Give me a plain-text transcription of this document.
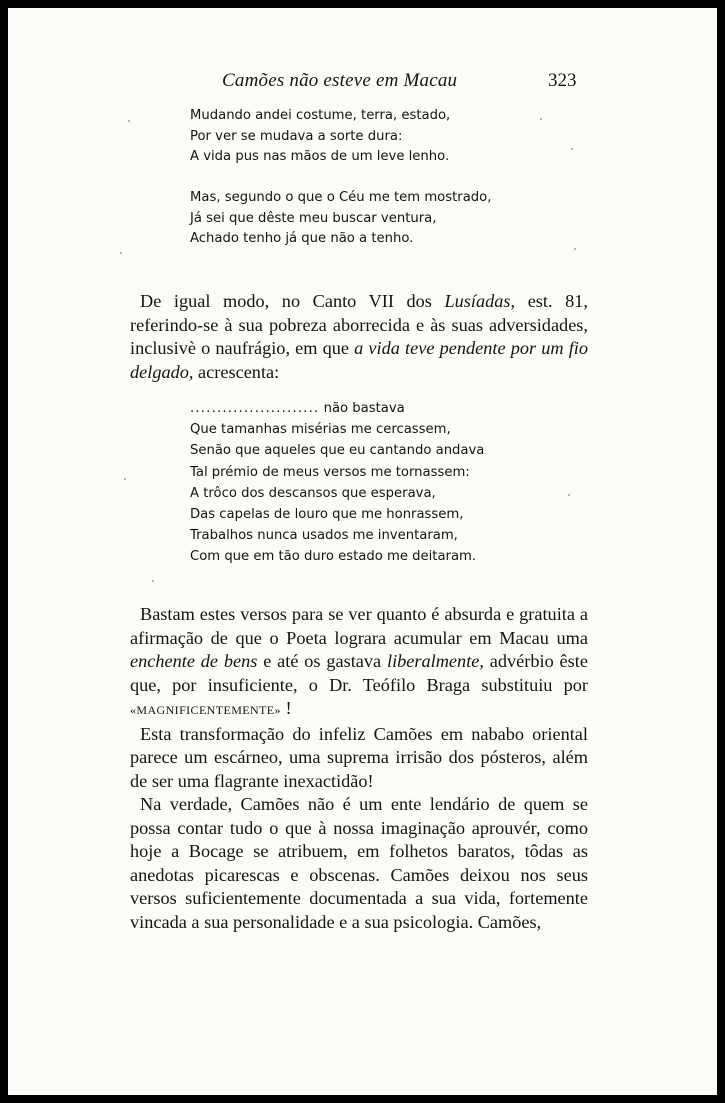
Camões não esteve em Macau	323
Mudando andei costume, terra, estado,
Por ver se mudava a sorte dura:
A vida pus nas mãos de um leve lenho.
Mas, segundo o que o Céu me tem mostrado,
Já sei que dêste meu buscar ventura,
Achado tenho já que não a tenho.

De igual modo, no Canto VII dos Lusíadas, est. 81, referindo-se à sua pobreza aborrecida e às suas adversidades, inclusivè o naufrágio, em que a vida teve pendente por um fio delgado, acrescenta:

........................ não bastava
Que tamanhas misérias me cercassem,
Senão que aqueles que eu cantando andava
Tal prémio de meus versos me tornassem:
A trôco dos descansos que esperava,
Das capelas de louro que me honrassem,
Trabalhos nunca usados me inventaram,
Com que em tão duro estado me deitaram.

Bastam estes versos para se ver quanto é absurda e gratuita a afirmação de que o Poeta lograra acumular em Macau uma enchente de bens e até os gastava liberalmente, advérbio êste que, por insuficiente, o Dr. Teófilo Braga substituiu por «MAGNIFICENTEMENTE» !

Esta transformação do infeliz Camões em nababo oriental parece um escárneo, uma suprema irrisão dos pósteros, além de ser uma flagrante inexactidão!

Na verdade, Camões não é um ente lendário de quem se possa contar tudo o que à nossa imaginação aprouvér, como hoje a Bocage se atribuem, em folhetos baratos, tôdas as anedotas picarescas e obscenas. Camões deixou nos seus versos suficientemente documentada a sua vida, fortemente vincada a sua personalidade e a sua psicologia. Camões,
